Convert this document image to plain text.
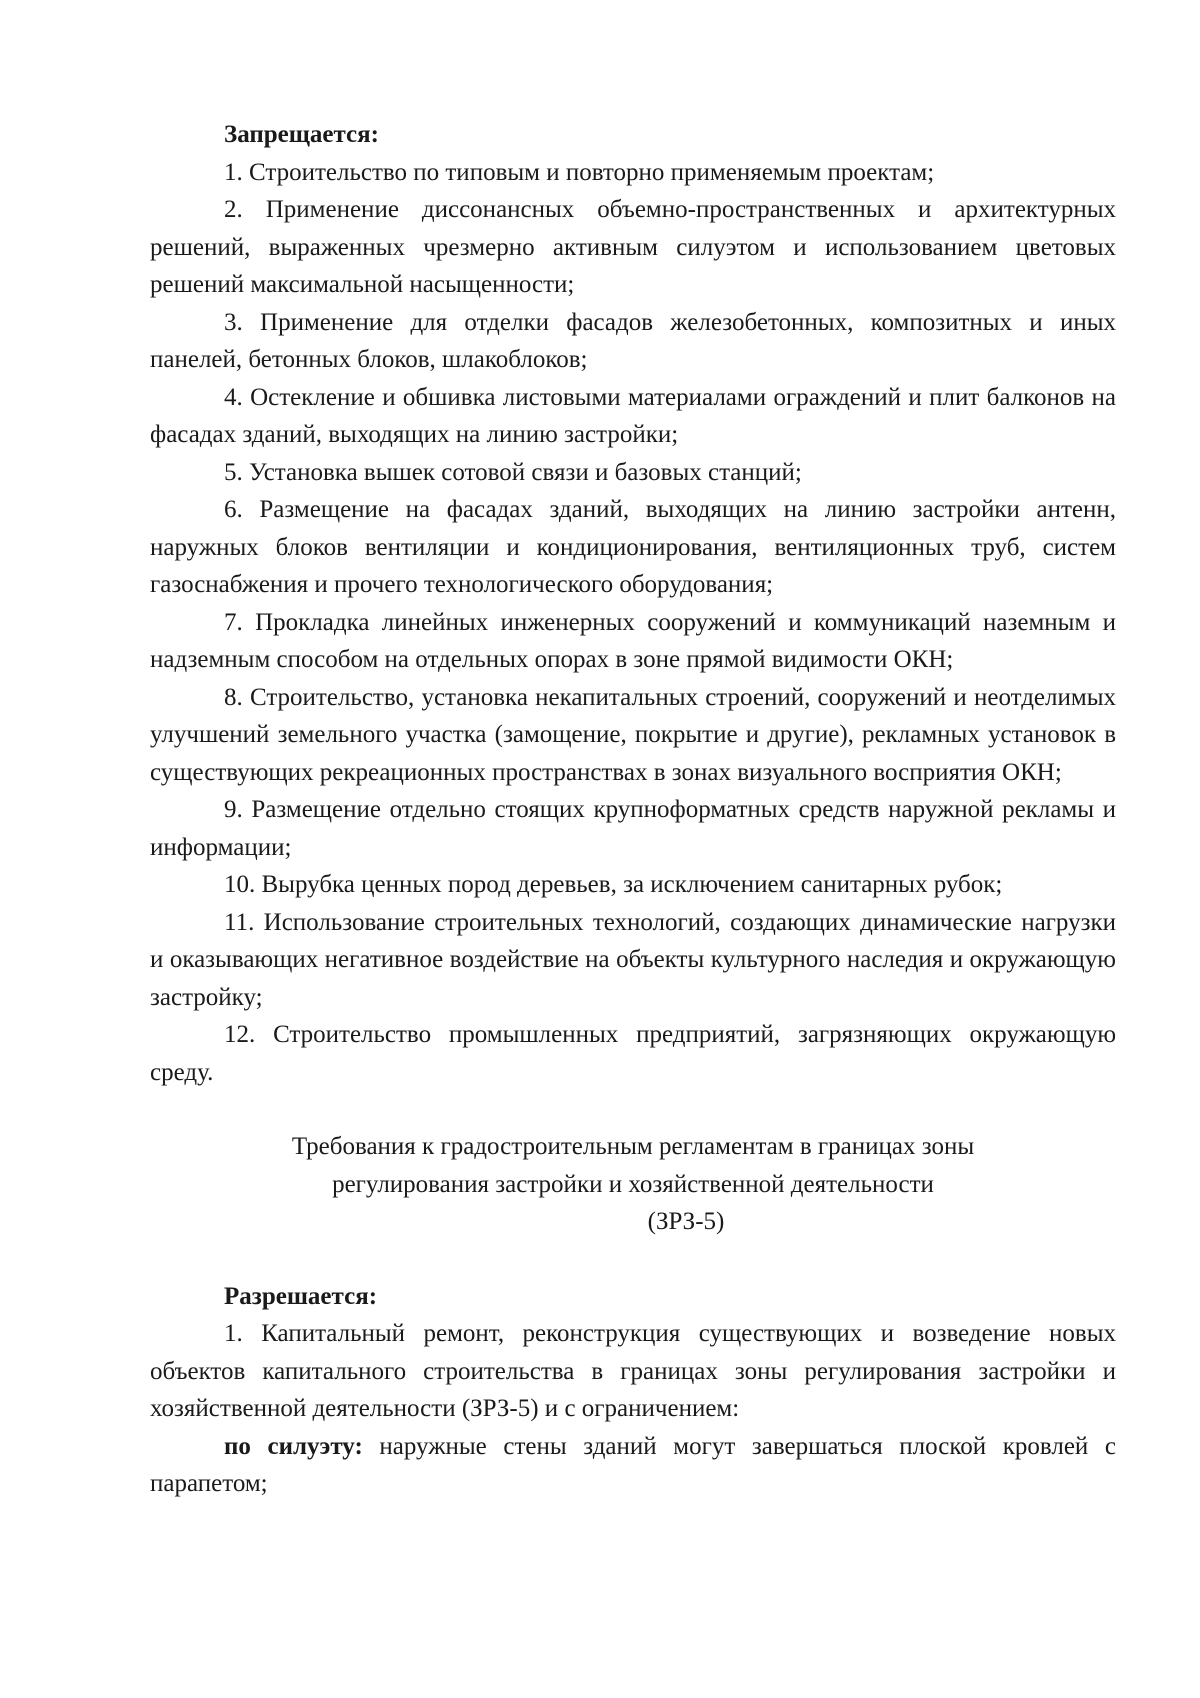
Запрещается:

1. Строительство по типовым и повторно применяемым проектам;

2. Применение диссонансных объемно-пространственных и архитектурных решений, выраженных чрезмерно активным силуэтом и использованием цветовых решений максимальной насыщенности;

3. Применение для отделки фасадов железобетонных, композитных и иных панелей, бетонных блоков, шлакоблоков;

4. Остекление и обшивка листовыми материалами ограждений и плит балконов на фасадах зданий, выходящих на линию застройки;

5. Установка вышек сотовой связи и базовых станций;

6. Размещение на фасадах зданий, выходящих на линию застройки антенн, наружных блоков вентиляции и кондиционирования, вентиляционных труб, систем газоснабжения и прочего технологического оборудования;

7. Прокладка линейных инженерных сооружений и коммуникаций наземным и надземным способом на отдельных опорах в зоне прямой видимости ОКН;

8. Строительство, установка некапитальных строений, сооружений и неотделимых улучшений земельного участка (замощение, покрытие и другие), рекламных установок в существующих рекреационных пространствах в зонах визуального восприятия ОКН;

9. Размещение отдельно стоящих крупноформатных средств наружной рекламы и информации;

10. Вырубка ценных пород деревьев, за исключением санитарных рубок;

11. Использование строительных технологий, создающих динамические нагрузки и оказывающих негативное воздействие на объекты культурного наследия и окружающую застройку;

12. Строительство промышленных предприятий, загрязняющих окружающую среду.

Требования к градостроительным регламентам в границах зоны
регулирования застройки и хозяйственной деятельности
(ЗРЗ-5)

Разрешается:

1. Капитальный ремонт, реконструкция существующих и возведение новых объектов капитального строительства в границах зоны регулирования застройки и хозяйственной деятельности (ЗРЗ-5) и с ограничением:

по силуэту: наружные стены зданий могут завершаться плоской кровлей с парапетом;
